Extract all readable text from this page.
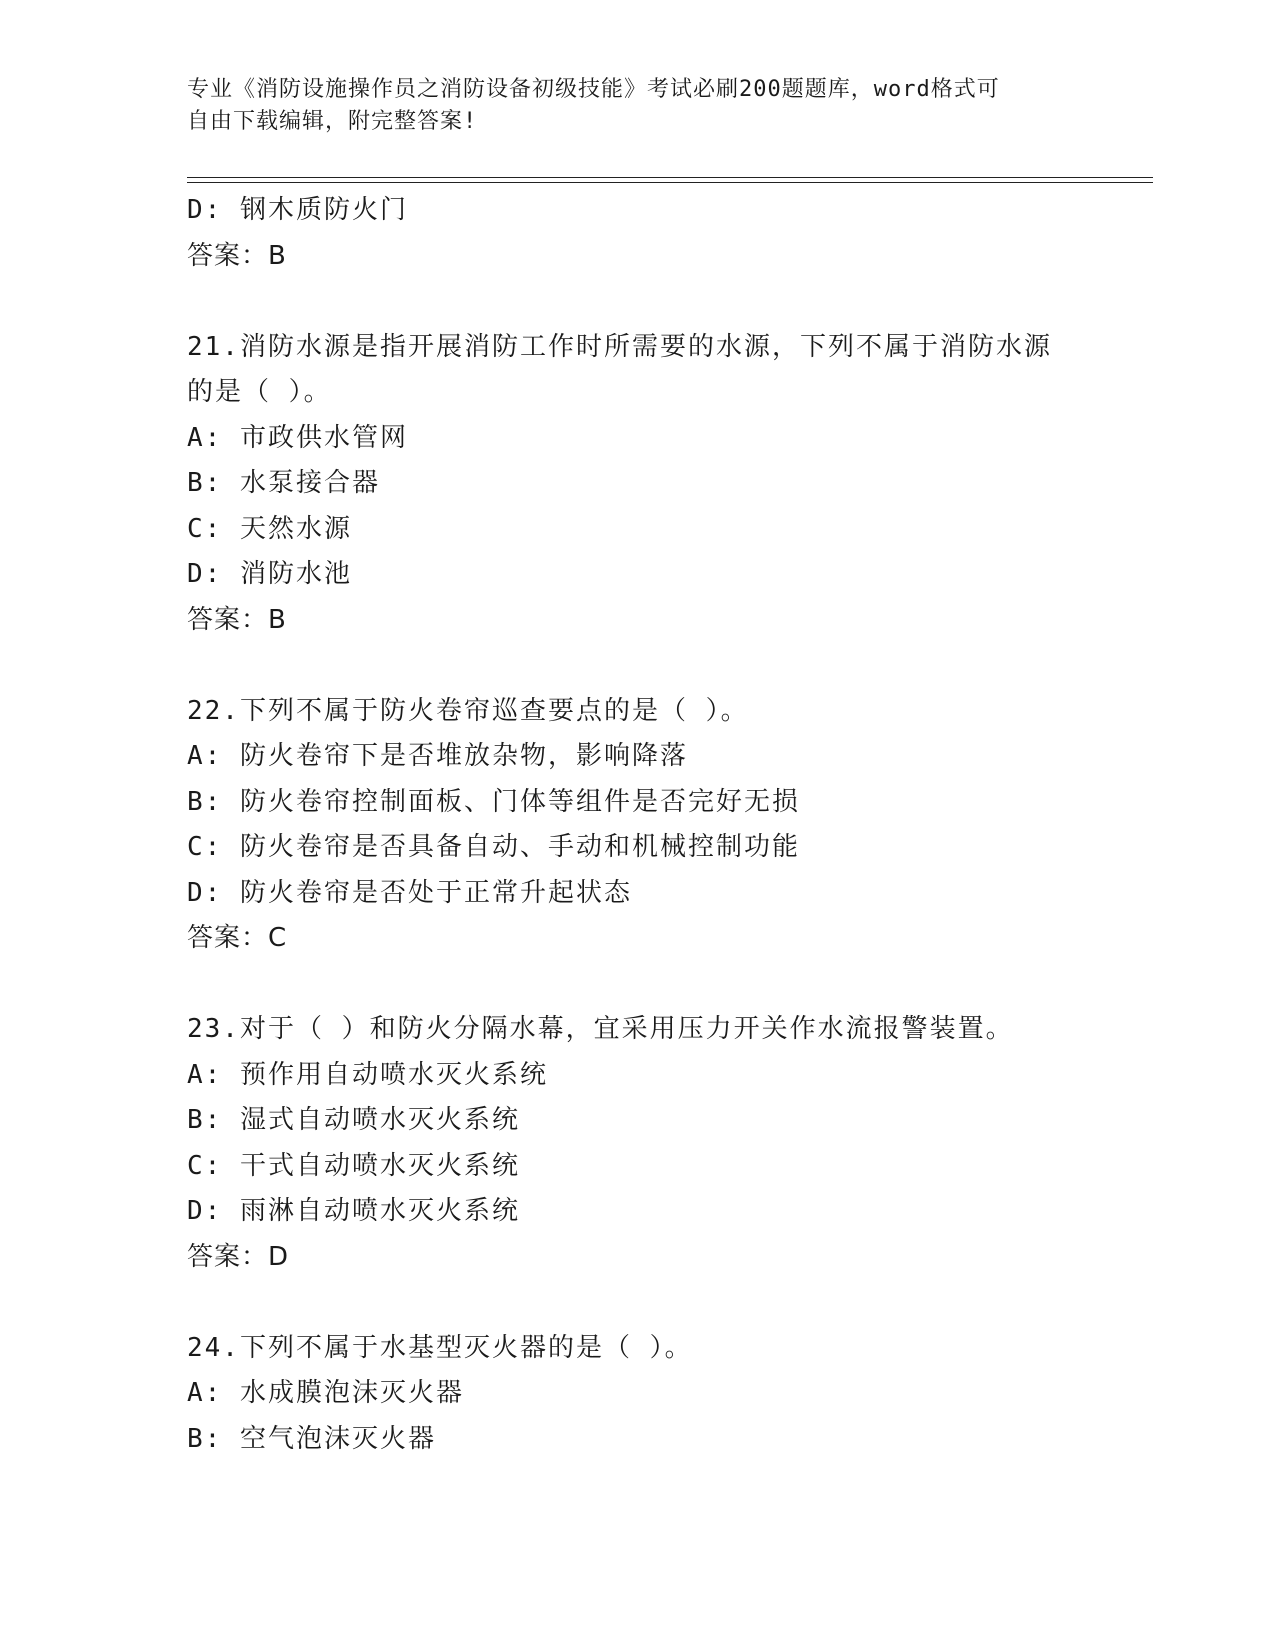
专业《消防设施操作员之消防设备初级技能》考试必刷200题题库，word格式可
自由下载编辑，附完整答案!
D: 钢木质防火门
答案：B
21.消防水源是指开展消防工作时所需要的水源，下列不属于消防水源
的是（ ）。
A: 市政供水管网
B: 水泵接合器
C: 天然水源
D: 消防水池
答案：B
22.下列不属于防火卷帘巡查要点的是（ ）。
A: 防火卷帘下是否堆放杂物，影响降落
B: 防火卷帘控制面板、门体等组件是否完好无损
C: 防火卷帘是否具备自动、手动和机械控制功能
D: 防火卷帘是否处于正常升起状态
答案：C
23.对于（ ）和防火分隔水幕，宜采用压力开关作水流报警装置。
A: 预作用自动喷水灭火系统
B: 湿式自动喷水灭火系统
C: 干式自动喷水灭火系统
D: 雨淋自动喷水灭火系统
答案：D
24.下列不属于水基型灭火器的是（ ）。
A: 水成膜泡沫灭火器
B: 空气泡沫灭火器
